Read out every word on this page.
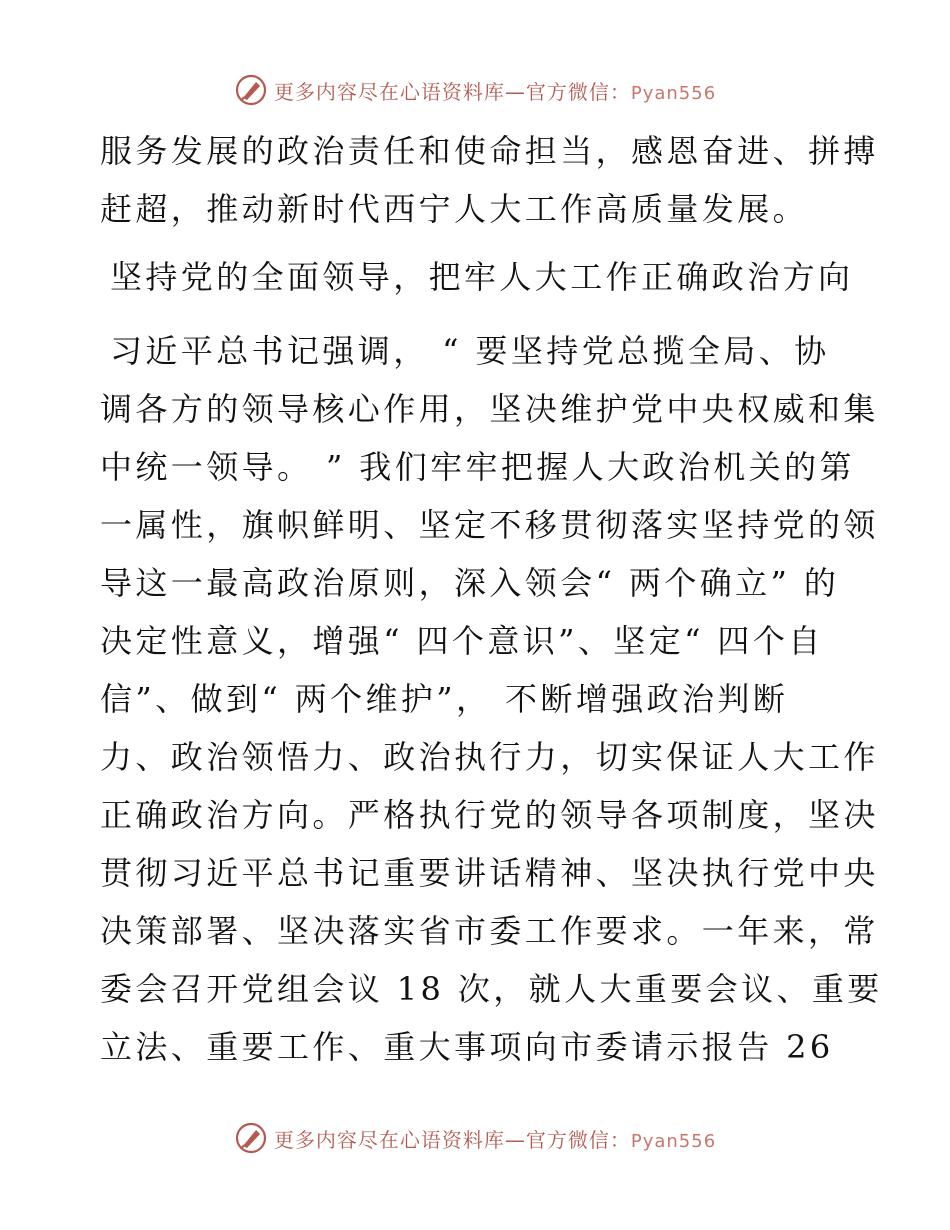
更多内容尽在心语资料库—官方微信：Pyan556
服务发展的政治责任和使命担当，感恩奋进、拼搏
赶超，推动新时代西宁人大工作高质量发展。
坚持党的全面领导，把牢人大工作正确政治方向
习近平总书记强调， “ 要坚持党总揽全局、协
调各方的领导核心作用，坚决维护党中央权威和集
中统一领导。 ” 我们牢牢把握人大政治机关的第
一属性，旗帜鲜明、坚定不移贯彻落实坚持党的领
导这一最高政治原则，深入领会“ 两个确立” 的
决定性意义，增强“ 四个意识”、坚定“ 四个自
信”、做到“ 两个维护”， 不断增强政治判断
力、政治领悟力、政治执行力，切实保证人大工作
正确政治方向。严格执行党的领导各项制度，坚决
贯彻习近平总书记重要讲话精神、坚决执行党中央
决策部署、坚决落实省市委工作要求。一年来，常
委会召开党组会议 18 次，就人大重要会议、重要
立法、重要工作、重大事项向市委请示报告 26
更多内容尽在心语资料库—官方微信：Pyan556
